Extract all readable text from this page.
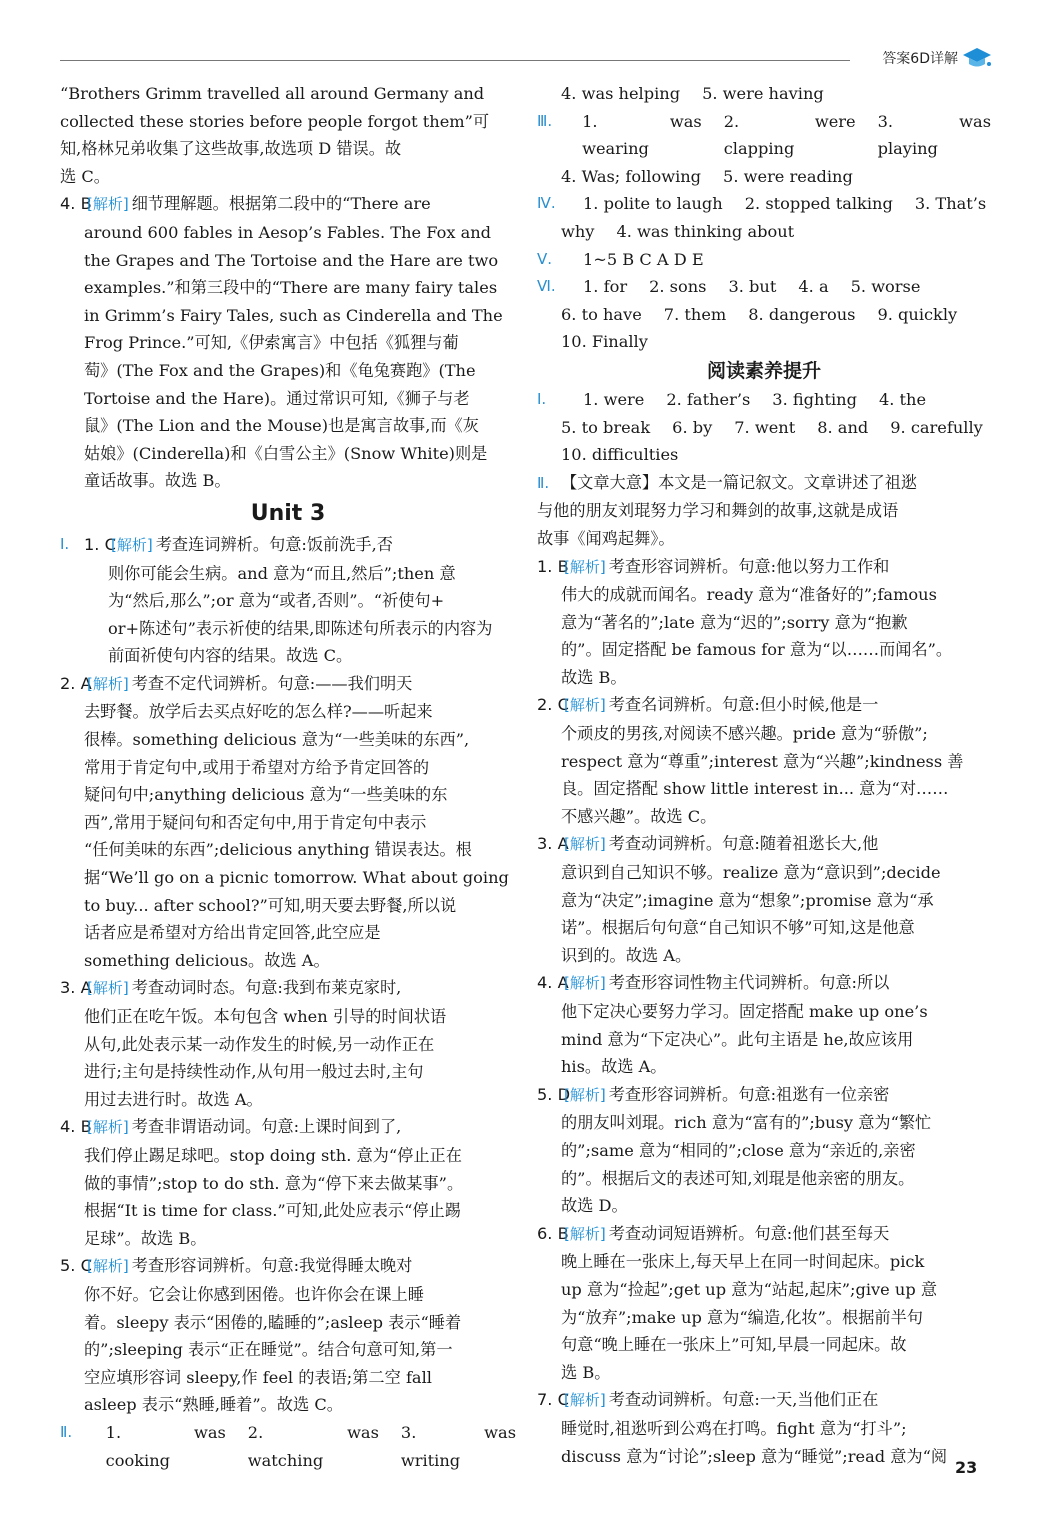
答案6D详解

“Brothers Grimm travelled all around Germany and

collected these stories before people forgot them”可

知,格林兄弟收集了这些故事,故选项 D 错误。故

选 C。

4. B [ 解析 ] 细节理解题。根据第二段中的“There are

around 600 fables in Aesop’s Fables. The Fox and

the Grapes and The Tortoise and the Hare are two

examples.”和第三段中的“There are many fairy tales

in Grimm’s Fairy Tales, such as Cinderella and The

Frog Prince.”可知,《伊索寓言》中包括《狐狸与葡

萄》(The Fox and the Grapes)和《龟兔赛跑》(The

Tortoise and the Hare)。通过常识可知,《狮子与老

鼠》(The Lion and the Mouse)也是寓言故事,而《灰

姑娘》(Cinderella)和《白雪公主》(Snow White)则是

童话故事。故选 B。

Unit 3
Ⅰ. 1. C [ 解析 ] 考查连词辨析。句意:饭前洗手,否

则你可能会生病。and 意为“而且,然后”;then 意

为“然后,那么”;or 意为“或者,否则”。“祈使句+

or+陈述句”表示祈使的结果,即陈述句所表示的内容为

前面祈使句内容的结果。故选 C。

2. A [ 解析 ] 考查不定代词辨析。句意:——我们明天

去野餐。放学后去买点好吃的怎么样?——听起来

很棒。something delicious 意为“一些美味的东西”,

常用于肯定句中,或用于希望对方给予肯定回答的

疑问句中;anything delicious 意为“一些美味的东

西”,常用于疑问句和否定句中,用于肯定句中表示

“任何美味的东西”;delicious anything 错误表达。根

据“We’ll go on a picnic tomorrow. What about going

to buy... after school?”可知,明天要去野餐,所以说

话者应是希望对方给出肯定回答,此空应是

something delicious。故选 A。

3. A [ 解析 ] 考查动词时态。句意:我到布莱克家时,

他们正在吃午饭。本句包含 when 引导的时间状语

从句,此处表示某一动作发生的时候,另一动作正在

进行;主句是持续性动作,从句用一般过去时,主句

用过去进行时。故选 A。

4. B [ 解析 ] 考查非谓语动词。句意:上课时间到了,

我们停止踢足球吧。stop doing sth. 意为“停止正在

做的事情”;stop to do sth. 意为“停下来去做某事”。

根据“It is time for class.”可知,此处应表示“停止踢

足球”。故选 B。

5. C [ 解析 ] 考查形容词辨析。句意:我觉得睡太晚对

你不好。它会让你感到困倦。也许你会在课上睡

着。sleepy 表示“困倦的,瞌睡的”;asleep 表示“睡着

的”;sleeping 表示“正在睡觉”。结合句意可知,第一

空应填形容词 sleepy,作 feel 的表语;第二空 fall

asleep 表示“熟睡,睡着”。故选 C。

Ⅱ.	1. was cooking
2. was watching
3. was writing
4. was helping 5. were having
Ⅲ.	1. was wearing
2. were clapping
3. was playing
4. Was; following 5. were reading
Ⅳ.	1. polite to laugh 2. stopped talking 3. That’s
why 4. was thinking about
Ⅴ.	1~5 B C A D E
Ⅵ.	1. for 2. sons 3. but 4. a 5. worse
6. to have 7. them 8. dangerous 9. quickly
10. Finally
阅读素养提升
Ⅰ.	1. were 2. father’s 3. fighting 4. the
5. to break 6. by 7. went 8. and 9. carefully
10. difficulties

Ⅱ. 【文章大意】本文是一篇记叙文。文章讲述了祖逖

与他的朋友刘琨努力学习和舞剑的故事,这就是成语

故事《闻鸡起舞》。

1. B [ 解析 ] 考查形容词辨析。句意:他以努力工作和

伟大的成就而闻名。ready 意为“准备好的”;famous

意为“著名的”;late 意为“迟的”;sorry 意为“抱歉

的”。固定搭配 be famous for 意为“以……而闻名”。

故选 B。

2. C [ 解析 ] 考查名词辨析。句意:但小时候,他是一

个顽皮的男孩,对阅读不感兴趣。pride 意为“骄傲”;

respect 意为“尊重”;interest 意为“兴趣”;kindness 善

良。固定搭配 show little interest in... 意为“对……

不感兴趣”。故选 C。

3. A [ 解析 ] 考查动词辨析。句意:随着祖逖长大,他

意识到自己知识不够。realize 意为“意识到”;decide

意为“决定”;imagine 意为“想象”;promise 意为“承

诺”。根据后句句意“自己知识不够”可知,这是他意

识到的。故选 A。

4. A [ 解析 ] 考查形容词性物主代词辨析。句意:所以

他下定决心要努力学习。固定搭配 make up one’s

mind 意为“下定决心”。此句主语是 he,故应该用

his。故选 A。

5. D [ 解析 ] 考查形容词辨析。句意:祖逖有一位亲密

的朋友叫刘琨。rich 意为“富有的”;busy 意为“繁忙

的”;same 意为“相同的”;close 意为“亲近的,亲密

的”。根据后文的表述可知,刘琨是他亲密的朋友。

故选 D。

6. B [ 解析 ] 考查动词短语辨析。句意:他们甚至每天

晚上睡在一张床上,每天早上在同一时间起床。pick

up 意为“捡起”;get up 意为“站起,起床”;give up 意

为“放弃”;make up 意为“编造,化妆”。根据前半句

句意“晚上睡在一张床上”可知,早晨一同起床。故

选 B。

7. C [ 解析 ] 考查动词辨析。句意:一天,当他们正在

睡觉时,祖逖听到公鸡在打鸣。fight 意为“打斗”;

discuss 意为“讨论”;sleep 意为“睡觉”;read 意为“阅

23
